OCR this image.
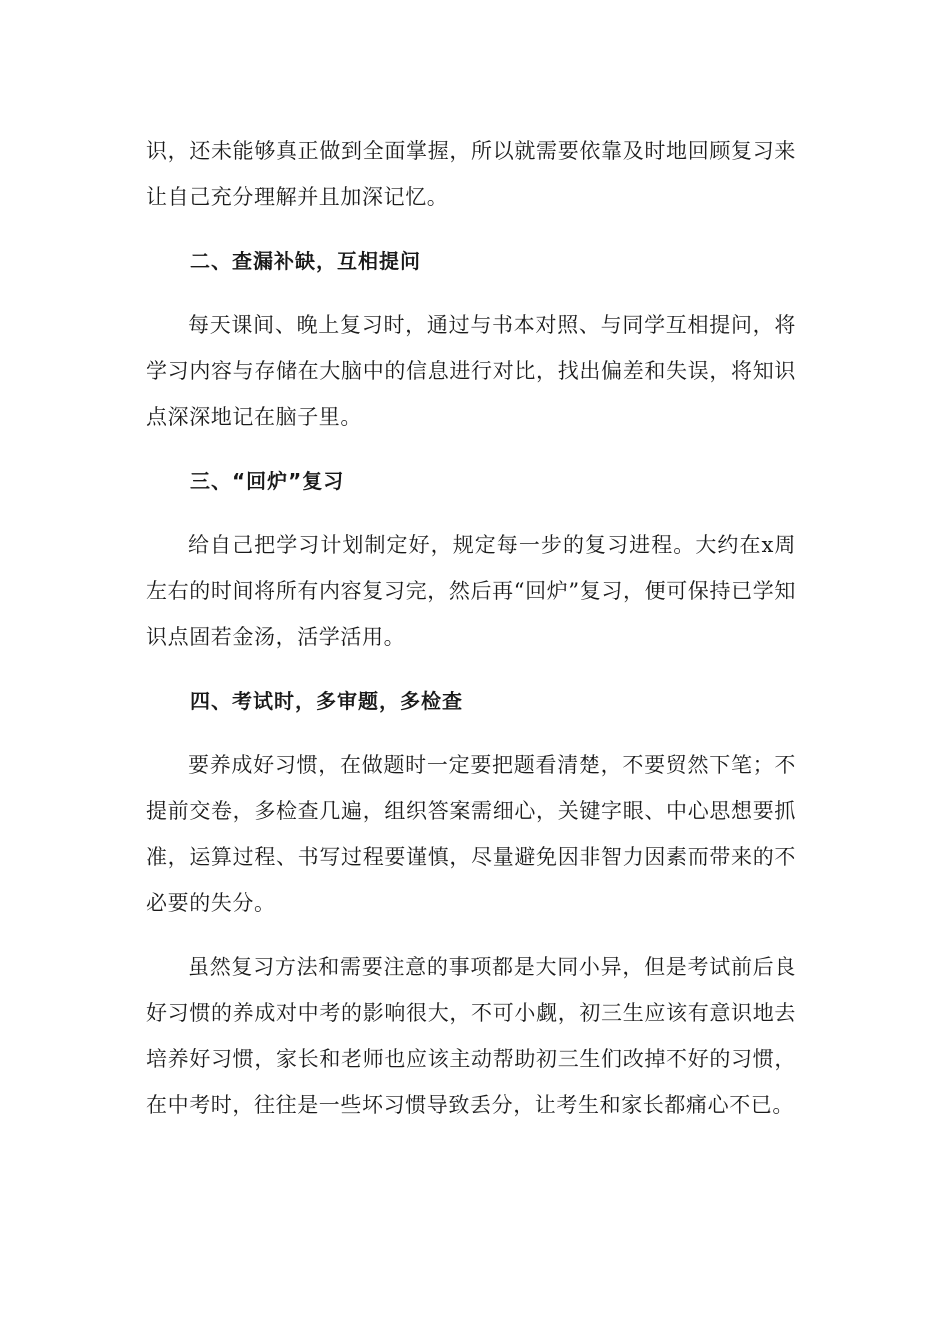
识，还未能够真正做到全面掌握，所以就需要依靠及时地回顾复习来让自己充分理解并且加深记忆。

二、查漏补缺，互相提问

每天课间、晚上复习时，通过与书本对照、与同学互相提问，将学习内容与存储在大脑中的信息进行对比，找出偏差和失误，将知识点深深地记在脑子里。

三、“回炉”复习

给自己把学习计划制定好，规定每一步的复习进程。大约在x周左右的时间将所有内容复习完，然后再“回炉”复习，便可保持已学知识点固若金汤，活学活用。

四、考试时，多审题，多检查

要养成好习惯，在做题时一定要把题看清楚，不要贸然下笔；不提前交卷，多检查几遍，组织答案需细心，关键字眼、中心思想要抓准，运算过程、书写过程要谨慎，尽量避免因非智力因素而带来的不必要的失分。

虽然复习方法和需要注意的事项都是大同小异，但是考试前后良好习惯的养成对中考的影响很大，不可小觑，初三生应该有意识地去培养好习惯，家长和老师也应该主动帮助初三生们改掉不好的习惯，在中考时，往往是一些坏习惯导致丢分，让考生和家长都痛心不已。
